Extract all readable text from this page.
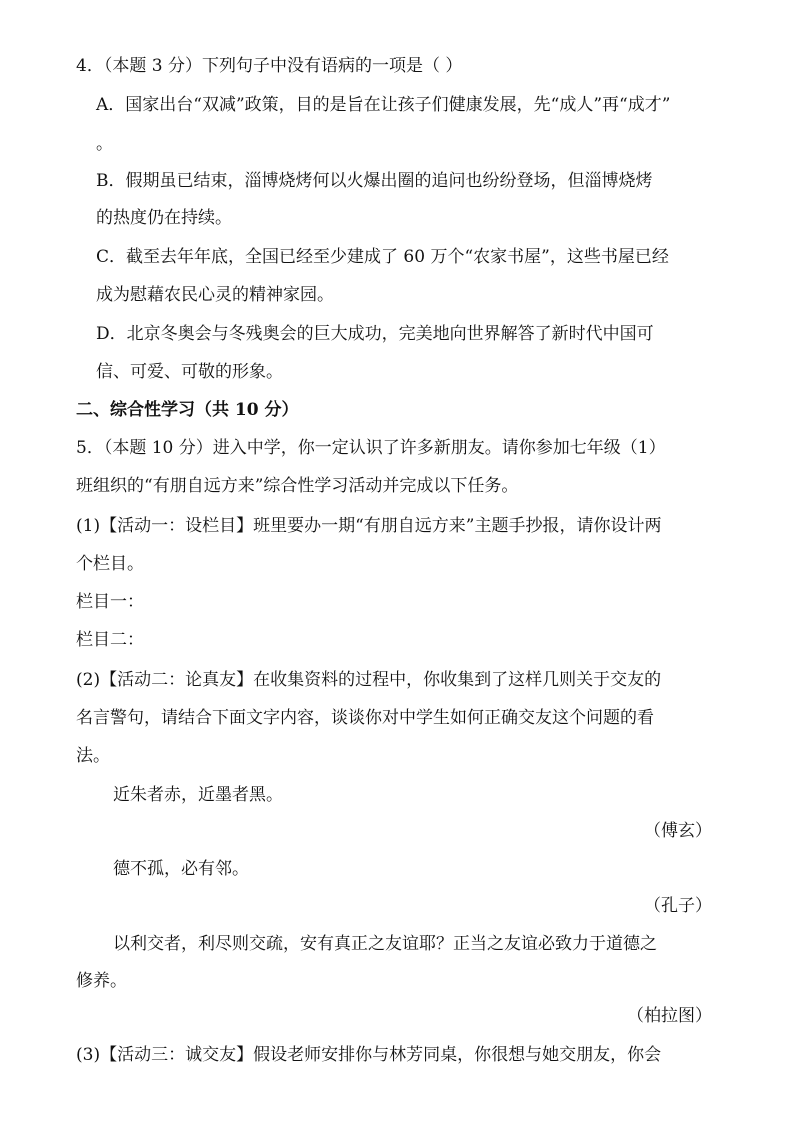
4．（本题 3 分）下列句子中没有语病的一项是（ ）
A．国家出台“双减”政策，目的是旨在让孩子们健康发展，先“成人”再“成才”
。
B．假期虽已结束，淄博烧烤何以火爆出圈的追问也纷纷登场，但淄博烧烤
的热度仍在持续。
C．截至去年年底，全国已经至少建成了 60 万个“农家书屋”，这些书屋已经
成为慰藉农民心灵的精神家园。
D．北京冬奥会与冬残奥会的巨大成功，完美地向世界解答了新时代中国可
信、可爱、可敬的形象。
二、综合性学习（共 10 分）
5．（本题 10 分）进入中学，你一定认识了许多新朋友。请你参加七年级（1）
班组织的“有朋自远方来”综合性学习活动并完成以下任务。
(1)【活动一：设栏目】班里要办一期“有朋自远方来”主题手抄报，请你设计两
个栏目。
栏目一：
栏目二：
(2)【活动二：论真友】在收集资料的过程中，你收集到了这样几则关于交友的
名言警句，请结合下面文字内容，谈谈你对中学生如何正确交友这个问题的看
法。
近朱者赤，近墨者黑。
（傅玄）
德不孤，必有邻。
（孔子）
以利交者，利尽则交疏，安有真正之友谊耶？正当之友谊必致力于道德之
修养。
（柏拉图）
(3)【活动三：诚交友】假设老师安排你与林芳同桌，你很想与她交朋友，你会
